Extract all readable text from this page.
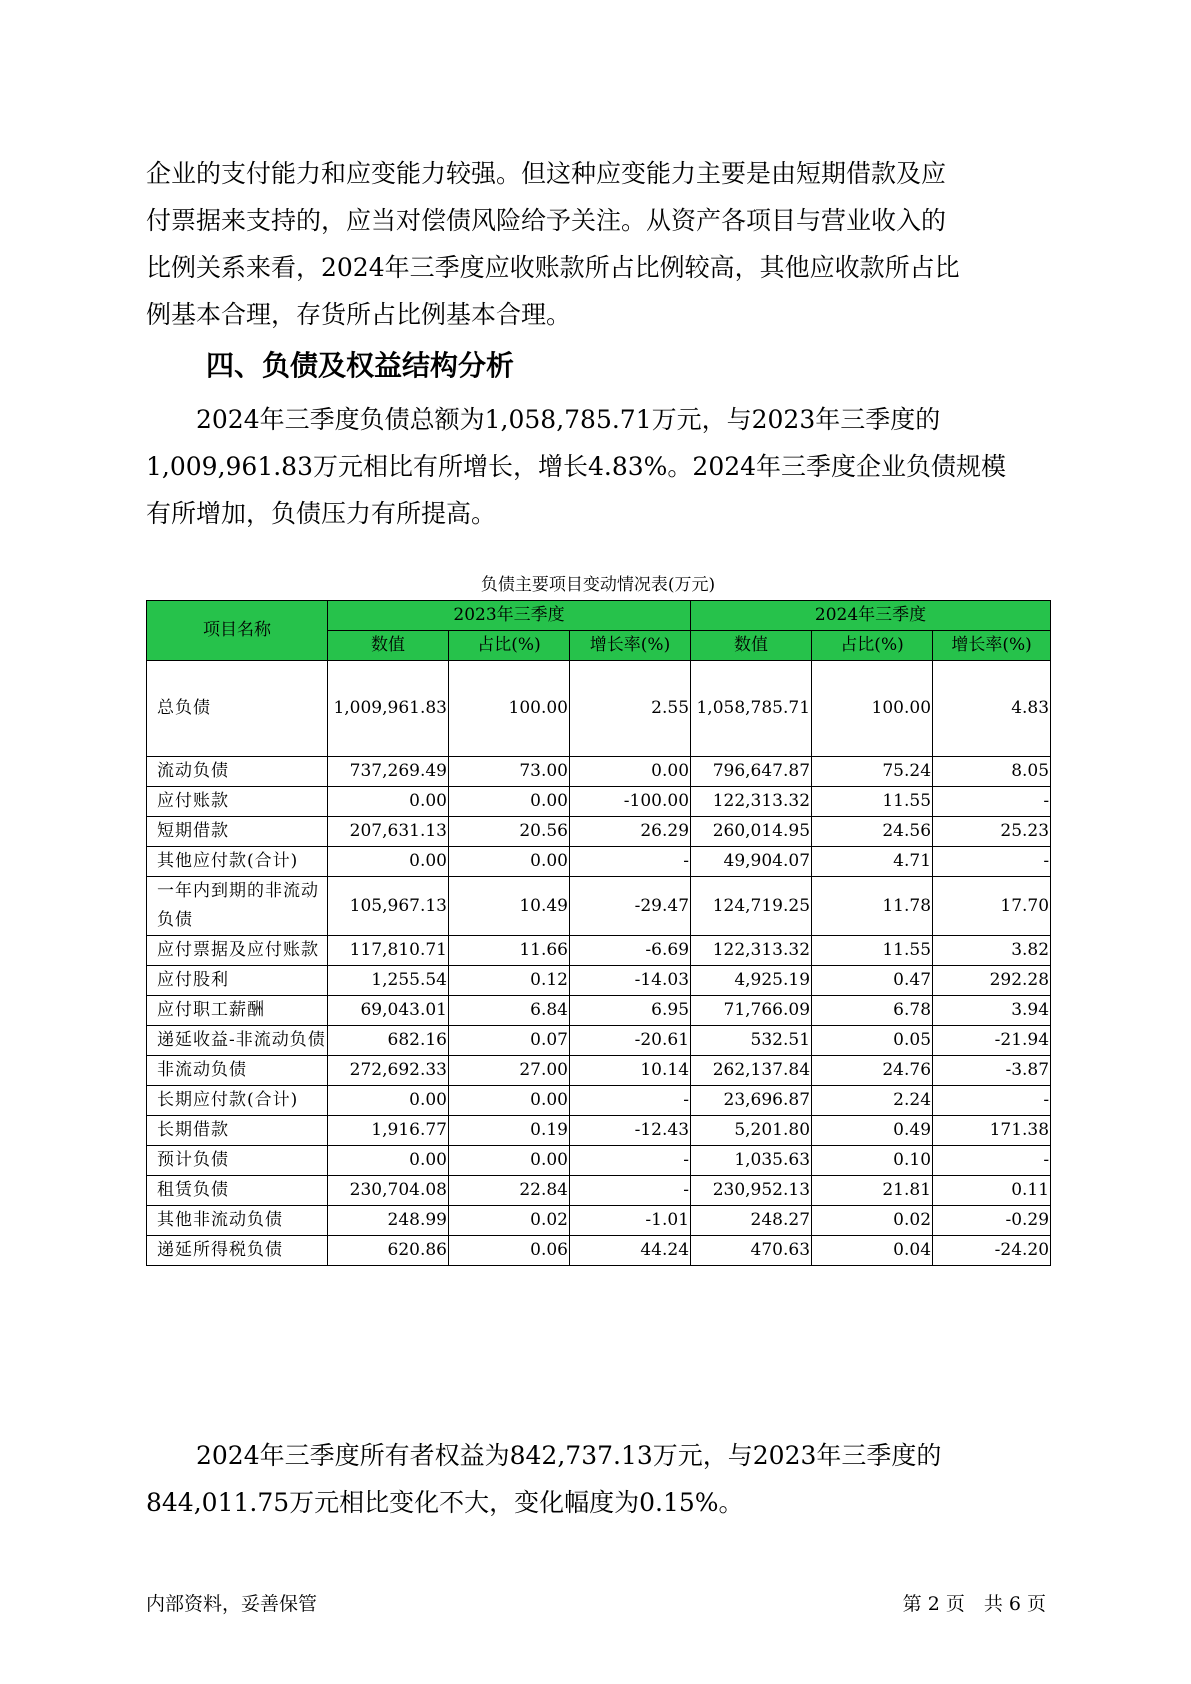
企业的支付能力和应变能力较强。但这种应变能力主要是由短期借款及应
付票据来支持的，应当对偿债风险给予关注。从资产各项目与营业收入的
比例关系来看，2024年三季度应收账款所占比例较高，其他应收款所占比
例基本合理，存货所占比例基本合理。
四、负债及权益结构分析
　　2024年三季度负债总额为1,058,785.71万元，与2023年三季度的
1,009,961.83万元相比有所增长，增长4.83%。2024年三季度企业负债规模
有所增加，负债压力有所提高。
负债主要项目变动情况表(万元)
项目名称	2023年三季度			2024年三季度		
	数值	占比(%)	增长率(%)	数值	占比(%)	增长率(%)
总负债	1,009,961.83	100.00	2.55	1,058,785.71	100.00	4.83
流动负债	737,269.49	73.00	0.00	796,647.87	75.24	8.05
应付账款	0.00	0.00	-100.00	122,313.32	11.55	-
短期借款	207,631.13	20.56	26.29	260,014.95	24.56	25.23
其他应付款(合计)	0.00	0.00	-	49,904.07	4.71	-
一年内到期的非流动负债	105,967.13	10.49	-29.47	124,719.25	11.78	17.70
应付票据及应付账款	117,810.71	11.66	-6.69	122,313.32	11.55	3.82
应付股利	1,255.54	0.12	-14.03	4,925.19	0.47	292.28
应付职工薪酬	69,043.01	6.84	6.95	71,766.09	6.78	3.94
递延收益-非流动负债	682.16	0.07	-20.61	532.51	0.05	-21.94
非流动负债	272,692.33	27.00	10.14	262,137.84	24.76	-3.87
长期应付款(合计)	0.00	0.00	-	23,696.87	2.24	-
长期借款	1,916.77	0.19	-12.43	5,201.80	0.49	171.38
预计负债	0.00	0.00	-	1,035.63	0.10	-
租赁负债	230,704.08	22.84	-	230,952.13	21.81	0.11
其他非流动负债	248.99	0.02	-1.01	248.27	0.02	-0.29
递延所得税负债	620.86	0.06	44.24	470.63	0.04	-24.20
　　2024年三季度所有者权益为842,737.13万元，与2023年三季度的
844,011.75万元相比变化不大，变化幅度为0.15%。
内部资料，妥善保管	第 2 页　共 6 页
